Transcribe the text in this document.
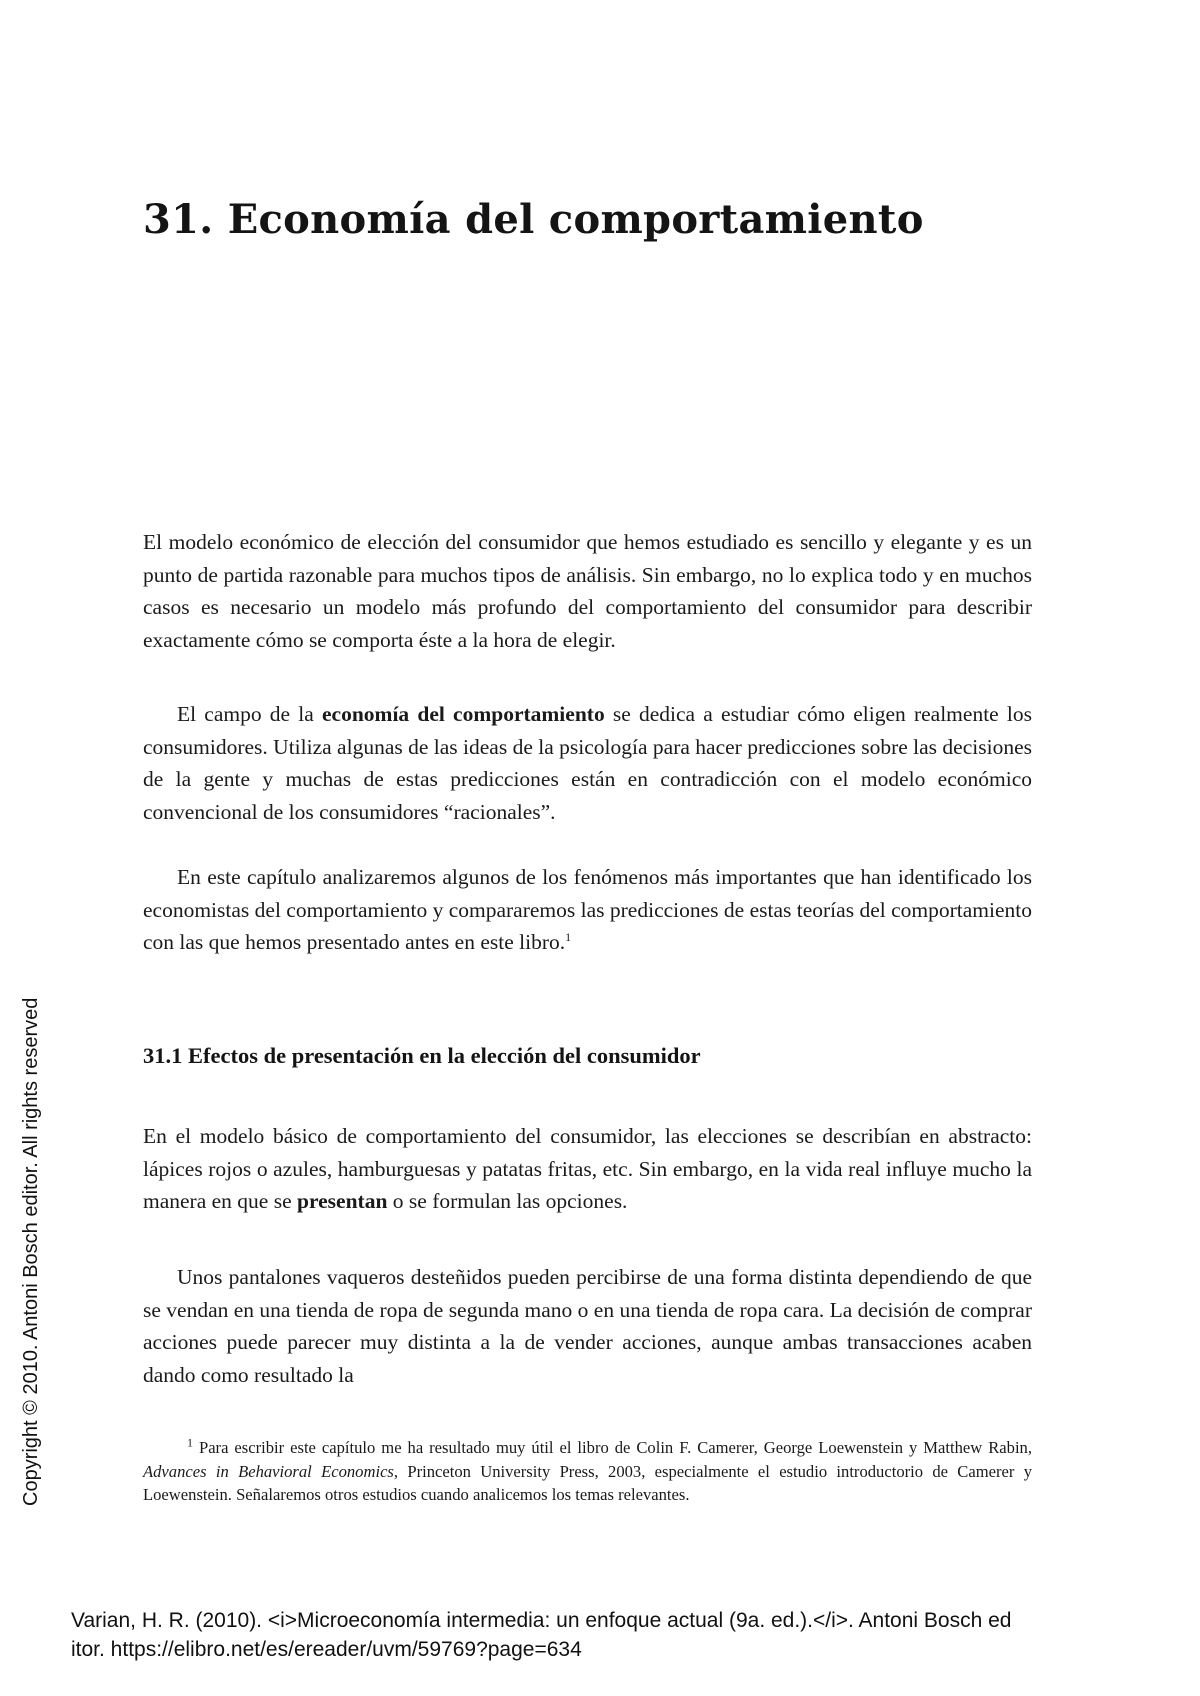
31. Economía del comportamiento

El modelo económico de elección del consumidor que hemos estudiado es sencillo y elegante y es un punto de partida razonable para muchos tipos de análisis. Sin embargo, no lo explica todo y en muchos casos es necesario un modelo más profundo del comportamiento del consumidor para describir exactamente cómo se comporta éste a la hora de elegir.

El campo de la economía del comportamiento se dedica a estudiar cómo eligen realmente los consumidores. Utiliza algunas de las ideas de la psicología para hacer predicciones sobre las decisiones de la gente y muchas de estas predicciones están en contradicción con el modelo económico convencional de los consumidores “racionales”.

En este capítulo analizaremos algunos de los fenómenos más importantes que han identificado los economistas del comportamiento y compararemos las predicciones de estas teorías del comportamiento con las que hemos presentado antes en este libro.$^1$

31.1 Efectos de presentación en la elección del consumidor

En el modelo básico de comportamiento del consumidor, las elecciones se describían en abstracto: lápices rojos o azules, hamburguesas y patatas fritas, etc. Sin embargo, en la vida real influye mucho la manera en que se presentan o se formulan las opciones.

Unos pantalones vaqueros desteñidos pueden percibirse de una forma distinta dependiendo de que se vendan en una tienda de ropa de segunda mano o en una tienda de ropa cara. La decisión de comprar acciones puede parecer muy distinta a la de vender acciones, aunque ambas transacciones acaben dando como resultado la

$^1$ Para escribir este capítulo me ha resultado muy útil el libro de Colin F. Camerer, George Loewenstein y Matthew Rabin, Advances in Behavioral Economics, Princeton University Press, 2003, especialmente el estudio introductorio de Camerer y Loewenstein. Señalaremos otros estudios cuando analicemos los temas relevantes.

Copyright © 2010. Antoni Bosch editor. All rights reserved

Varian, H. R. (2010). <i>Microeconomía intermedia: un enfoque actual (9a. ed.).</i>. Antoni Bosch ed
itor. https://elibro.net/es/ereader/uvm/59769?page=634
